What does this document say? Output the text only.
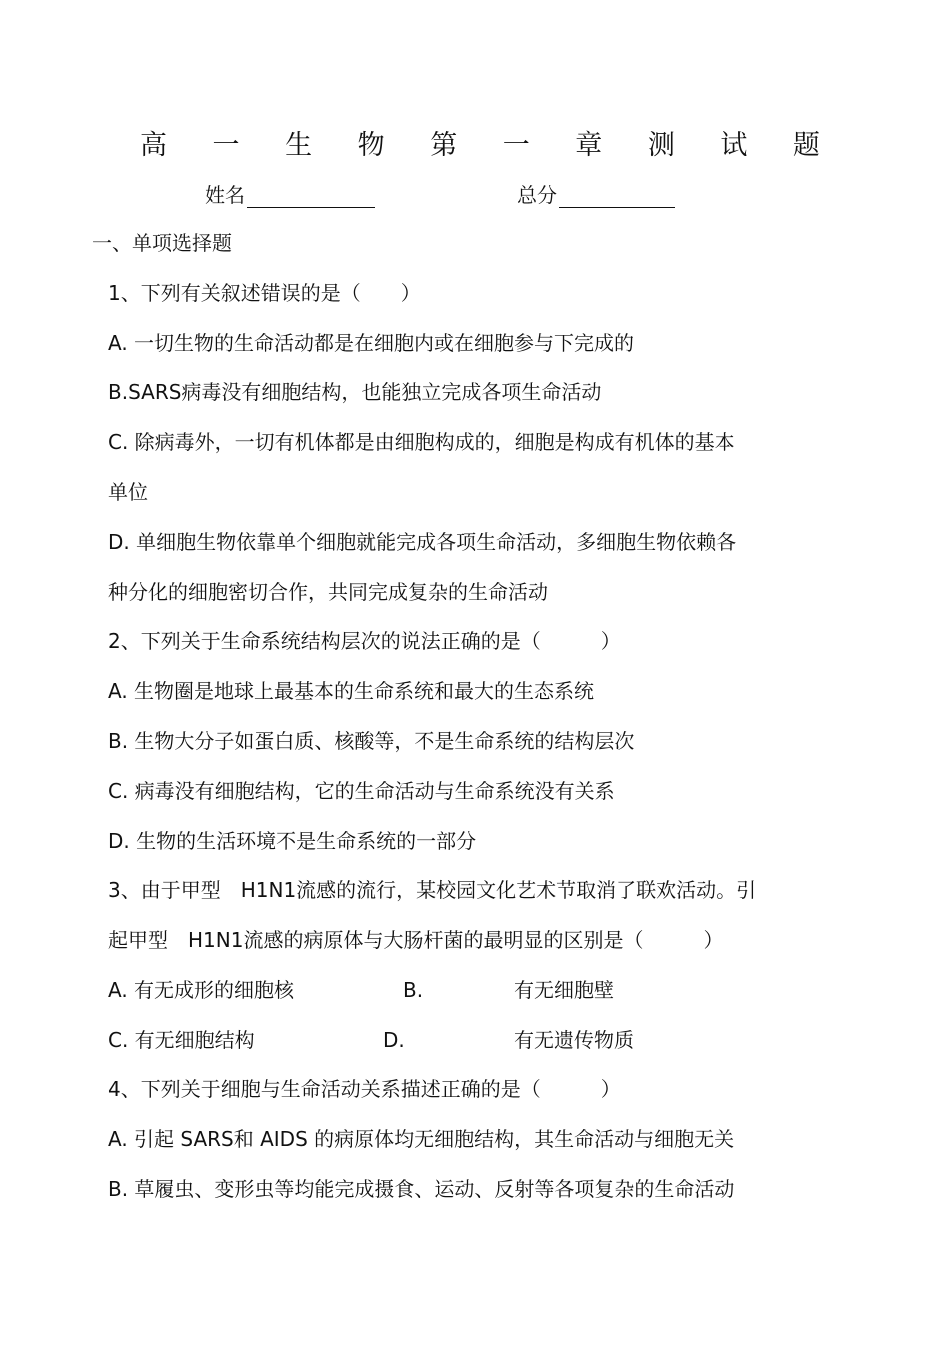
高 一 生 物 第 一 章 测 试 题
姓名	总分
一、单项选择题
1、下列有关叙述错误的是（　　）
A. 一切生物的生命活动都是在细胞内或在细胞参与下完成的
B.SARS病毒没有细胞结构，也能独立完成各项生命活动
C. 除病毒外，一切有机体都是由细胞构成的，细胞是构成有机体的基本
单位
D. 单细胞生物依靠单个细胞就能完成各项生命活动，多细胞生物依赖各
种分化的细胞密切合作，共同完成复杂的生命活动
2、下列关于生命系统结构层次的说法正确的是（　　　）
A. 生物圈是地球上最基本的生命系统和最大的生态系统
B. 生物大分子如蛋白质、核酸等，不是生命系统的结构层次
C. 病毒没有细胞结构，它的生命活动与生命系统没有关系
D. 生物的生活环境不是生命系统的一部分
3、由于甲型　H1N1流感的流行，某校园文化艺术节取消了联欢活动。引
起甲型　H1N1流感的病原体与大肠杆菌的最明显的区别是（　　　）
A. 有无成形的细胞核	B.	有无细胞壁
C. 有无细胞结构	D.	有无遗传物质
4、下列关于细胞与生命活动关系描述正确的是（　　　）
A. 引起 SARS和 AIDS 的病原体均无细胞结构，其生命活动与细胞无关
B. 草履虫、变形虫等均能完成摄食、运动、反射等各项复杂的生命活动
